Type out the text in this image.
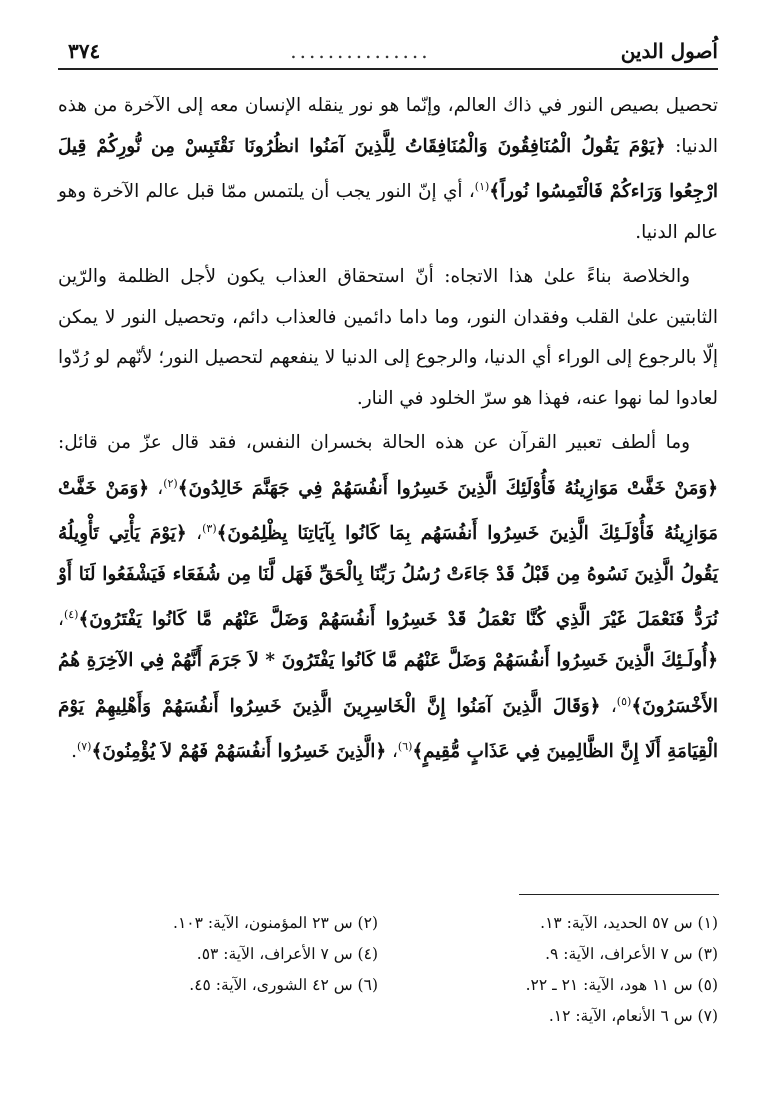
اُصول الدين
...............
٣٧٤

تحصيل بصيص النور في ذاك العالم، وإنّما هو نور ينقله الإنسان معه إلى الآخرة من هذه الدنيا: ﴿يَوْمَ يَقُولُ الْمُنَافِقُونَ وَالْمُنَافِقَاتُ لِلَّذِينَ آمَنُوا انظُرُونَا نَقْتَبِسْ مِن نُّورِكُمْ قِيلَ ارْجِعُوا وَرَاءكُمْ فَالْتَمِسُوا نُوراً﴾$^{(١)}$، أي إنّ النور يجب أن يلتمس ممّا قبل عالم الآخرة وهو عالم الدنيا.

والخلاصة بناءً علىٰ هذا الاتجاه: أنّ استحقاق العذاب يكون لأجل الظلمة والرّين الثابتين علىٰ القلب وفقدان النور، وما داما دائمين فالعذاب دائم، وتحصيل النور لا يمكن إلّا بالرجوع إلى الوراء أي الدنيا، والرجوع إلى الدنيا لا ينفعهم لتحصيل النور؛ لأنّهم لو رُدّوا لعادوا لما نهوا عنه، فهذا هو سرّ الخلود في النار.

وما ألطف تعبير القرآن عن هذه الحالة بخسران النفس، فقد قال عزّ من قائل: ﴿وَمَنْ خَفَّتْ مَوَازِينُهُ فَأُوْلَئِكَ الَّذِينَ خَسِرُوا أَنفُسَهُمْ فِي جَهَنَّمَ خَالِدُونَ﴾$^{(٢)}$، ﴿وَمَنْ خَفَّتْ مَوَازِينُهُ فَأُوْلَـئِكَ الَّذِينَ خَسِرُوا أَنفُسَهُم بِمَا كَانُوا بِآيَاتِنَا يِظْلِمُونَ﴾$^{(٣)}$، ﴿يَوْمَ يَأْتِي تَأْوِيلُهُ يَقُولُ الَّذِينَ نَسُوهُ مِن قَبْلُ قَدْ جَاءَتْ رُسُلُ رَبِّنَا بِالْحَقِّ فَهَل لَّنَا مِن شُفَعَاء فَيَشْفَعُوا لَنَا أَوْ نُرَدُّ فَنَعْمَلَ غَيْرَ الَّذِي كُنَّا نَعْمَلُ قَدْ خَسِرُوا أَنفُسَهُمْ وَضَلَّ عَنْهُم مَّا كَانُوا يَفْتَرُونَ﴾$^{(٤)}$، ﴿أُولَـئِكَ الَّذِينَ خَسِرُوا أَنفُسَهُمْ وَضَلَّ عَنْهُم مَّا كَانُوا يَفْتَرُونَ * لاَ جَرَمَ أَنَّهُمْ فِي الآخِرَةِ هُمُ الأَخْسَرُونَ﴾$^{(٥)}$، ﴿وَقَالَ الَّذِينَ آمَنُوا إِنَّ الْخَاسِرِينَ الَّذِينَ خَسِرُوا أَنفُسَهُمْ وَأَهْلِيهِمْ يَوْمَ الْقِيَامَةِ أَلَا إِنَّ الظَّالِمِينَ فِي عَذَابٍ مُّقِيمٍ﴾$^{(٦)}$، ﴿الَّذِينَ خَسِرُوا أَنفُسَهُمْ فَهُمْ لاَ يُؤْمِنُونَ﴾$^{(٧)}$.

(١) س ٥٧ الحديد، الآية: ١٣.
(٢) س ٢٣ المؤمنون، الآية: ١٠٣.
(٣) س ٧ الأعراف، الآية: ٩.
(٤) س ٧ الأعراف، الآية: ٥٣.
(٥) س ١١ هود، الآية: ٢١ ـ ٢٢.
(٦) س ٤٢ الشورى، الآية: ٤٥.
(٧) س ٦ الأنعام، الآية: ١٢.
